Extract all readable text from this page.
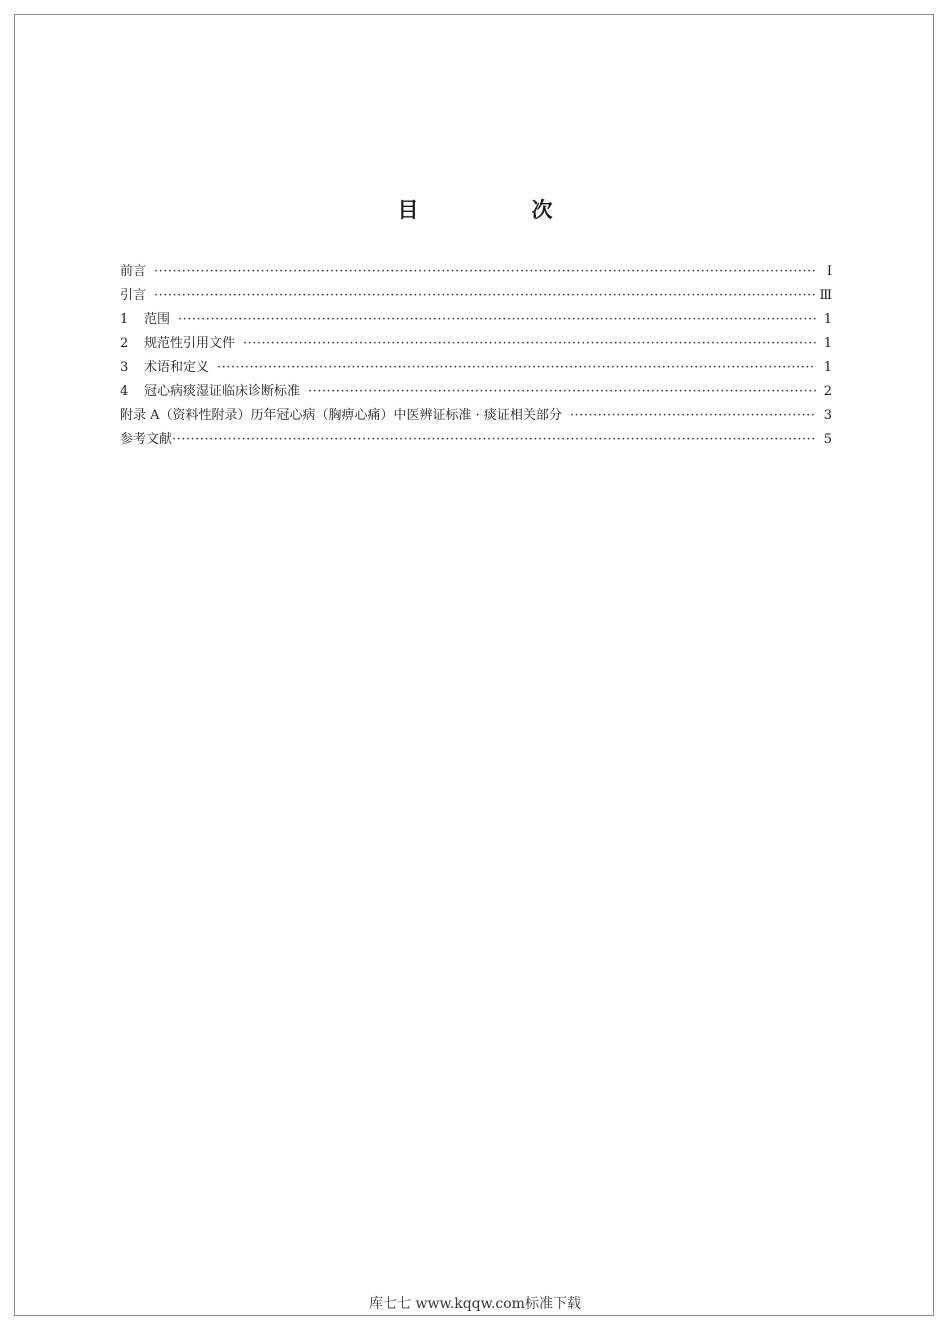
目　次
前言 ·····	Ⅰ
引言 ·····	Ⅲ
1	范围 ·····	1
2	规范性引用文件 ·····	1
3	术语和定义 ·····	1
4	冠心病痰湿证临床诊断标准 ·····	2
附录 A（资料性附录）历年冠心病（胸痹心痛）中医辨证标准 · 痰证相关部分 ·····	3
参考文献 ·····	5
库七七 www.kqqw.com标准下载
